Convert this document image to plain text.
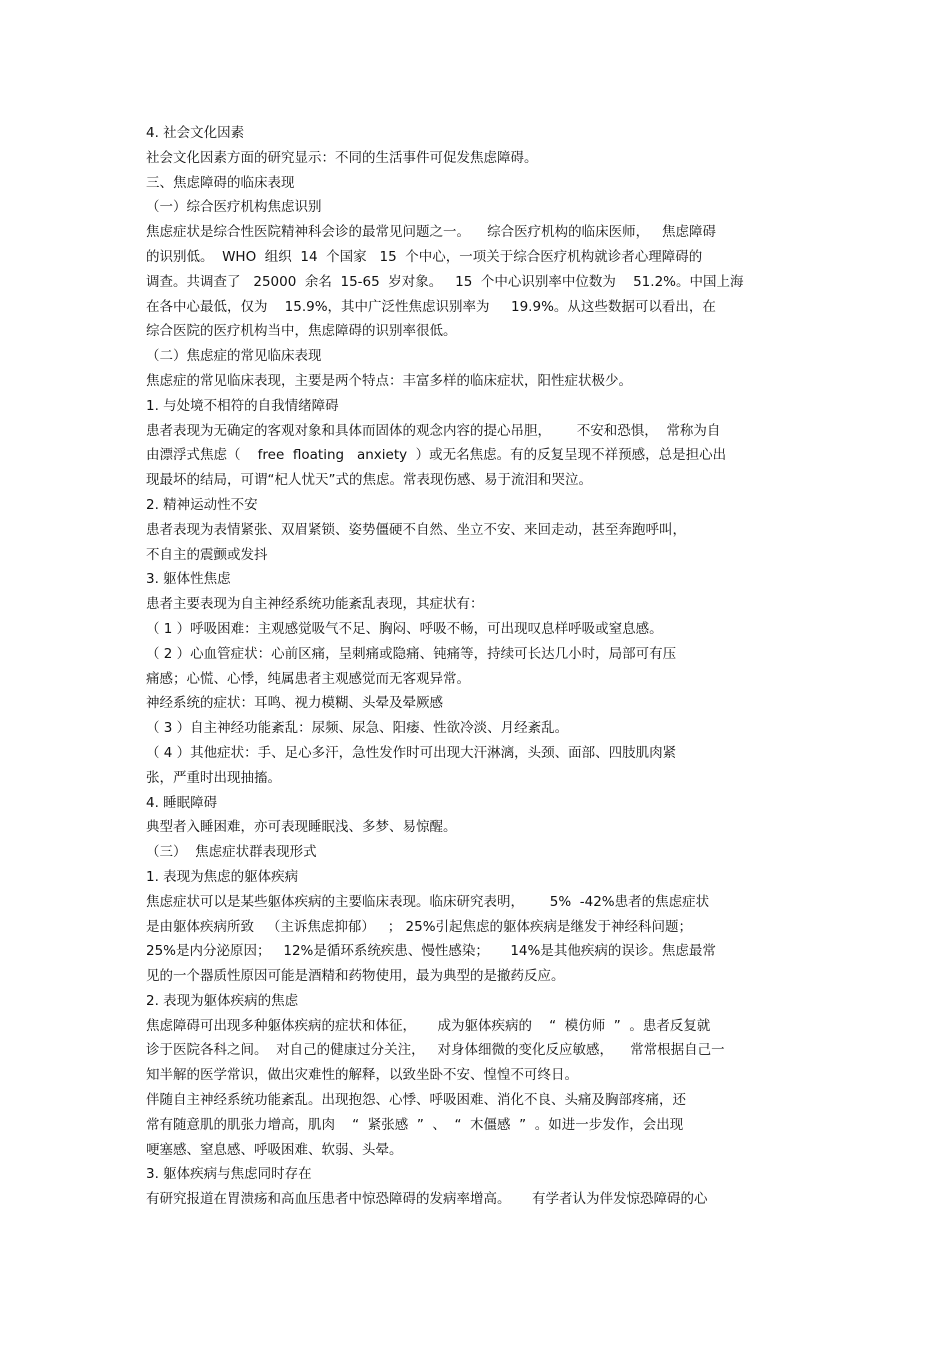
4. 社会文化因素
社会文化因素方面的研究显示：不同的生活事件可促发焦虑障碍。
三、焦虑障碍的临床表现
（一）综合医疗机构焦虑识别
焦虑症状是综合性医院精神科会诊的最常见问题之一。    综合医疗机构的临床医师，   焦虑障碍
的识别低。  WHO  组织  14  个国家   15  个中心，一项关于综合医疗机构就诊者心理障碍的
调查。共调查了   25000  余名  15-65  岁对象。   15  个中心识别率中位数为    51.2%。中国上海
在各中心最低，仅为    15.9%，其中广泛性焦虑识别率为     19.9%。从这些数据可以看出，在
综合医院的医疗机构当中，焦虑障碍的识别率很低。
（二）焦虑症的常见临床表现
焦虑症的常见临床表现，主要是两个特点：丰富多样的临床症状，阳性症状极少。
1. 与处境不相符的自我情绪障碍
患者表现为无确定的客观对象和具体而固体的观念内容的提心吊胆，      不安和恐惧，  常称为自
由漂浮式焦虑（    free  floating   anxiety  ）或无名焦虑。有的反复呈现不祥预感，总是担心出
现最坏的结局，可谓“杞人忧天”式的焦虑。常表现伤感、易于流泪和哭泣。
2. 精神运动性不安
患者表现为表情紧张、双眉紧锁、姿势僵硬不自然、坐立不安、来回走动，甚至奔跑呼叫，
不自主的震颤或发抖
3. 躯体性焦虑
患者主要表现为自主神经系统功能紊乱表现，其症状有：
（ 1 ）呼吸困难：主观感觉吸气不足、胸闷、呼吸不畅，可出现叹息样呼吸或窒息感。
（ 2 ）心血管症状：心前区痛，呈刺痛或隐痛、钝痛等，持续可长达几小时，局部可有压
痛感；心慌、心悸，纯属患者主观感觉而无客观异常。
神经系统的症状：耳鸣、视力模糊、头晕及晕厥感
（ 3 ）自主神经功能紊乱：尿频、尿急、阳痿、性欲冷淡、月经紊乱。
（ 4 ）其他症状：手、足心多汗，急性发作时可出现大汗淋漓，头颈、面部、四肢肌肉紧
张，严重时出现抽搐。
4. 睡眠障碍
典型者入睡困难，亦可表现睡眠浅、多梦、易惊醒。
（三）  焦虑症状群表现形式
1. 表现为焦虑的躯体疾病
焦虑症状可以是某些躯体疾病的主要临床表现。临床研究表明，      5%  -42%患者的焦虑症状
是由躯体疾病所致   （主诉焦虑抑郁）   ； 25%引起焦虑的躯体疾病是继发于神经科问题；
25%是内分泌原因；   12%是循环系统疾患、慢性感染；     14%是其他疾病的误诊。焦虑最常
见的一个器质性原因可能是酒精和药物使用，最为典型的是撤药反应。
2. 表现为躯体疾病的焦虑
焦虑障碍可出现多种躯体疾病的症状和体征，     成为躯体疾病的    “  模仿师  ”  。患者反复就
诊于医院各科之间。  对自己的健康过分关注，   对身体细微的变化反应敏感，    常常根据自己一
知半解的医学常识，做出灾难性的解释，以致坐卧不安、惶惶不可终日。
伴随自主神经系统功能紊乱。出现抱怨、心悸、呼吸困难、消化不良、头痛及胸部疼痛，还
常有随意肌的肌张力增高，肌肉    “  紧张感  ”  、  “  木僵感  ”  。如进一步发作，会出现
哽塞感、窒息感、呼吸困难、软弱、头晕。
3. 躯体疾病与焦虑同时存在
有研究报道在胃溃疡和高血压患者中惊恐障碍的发病率增高。     有学者认为伴发惊恐障碍的心
